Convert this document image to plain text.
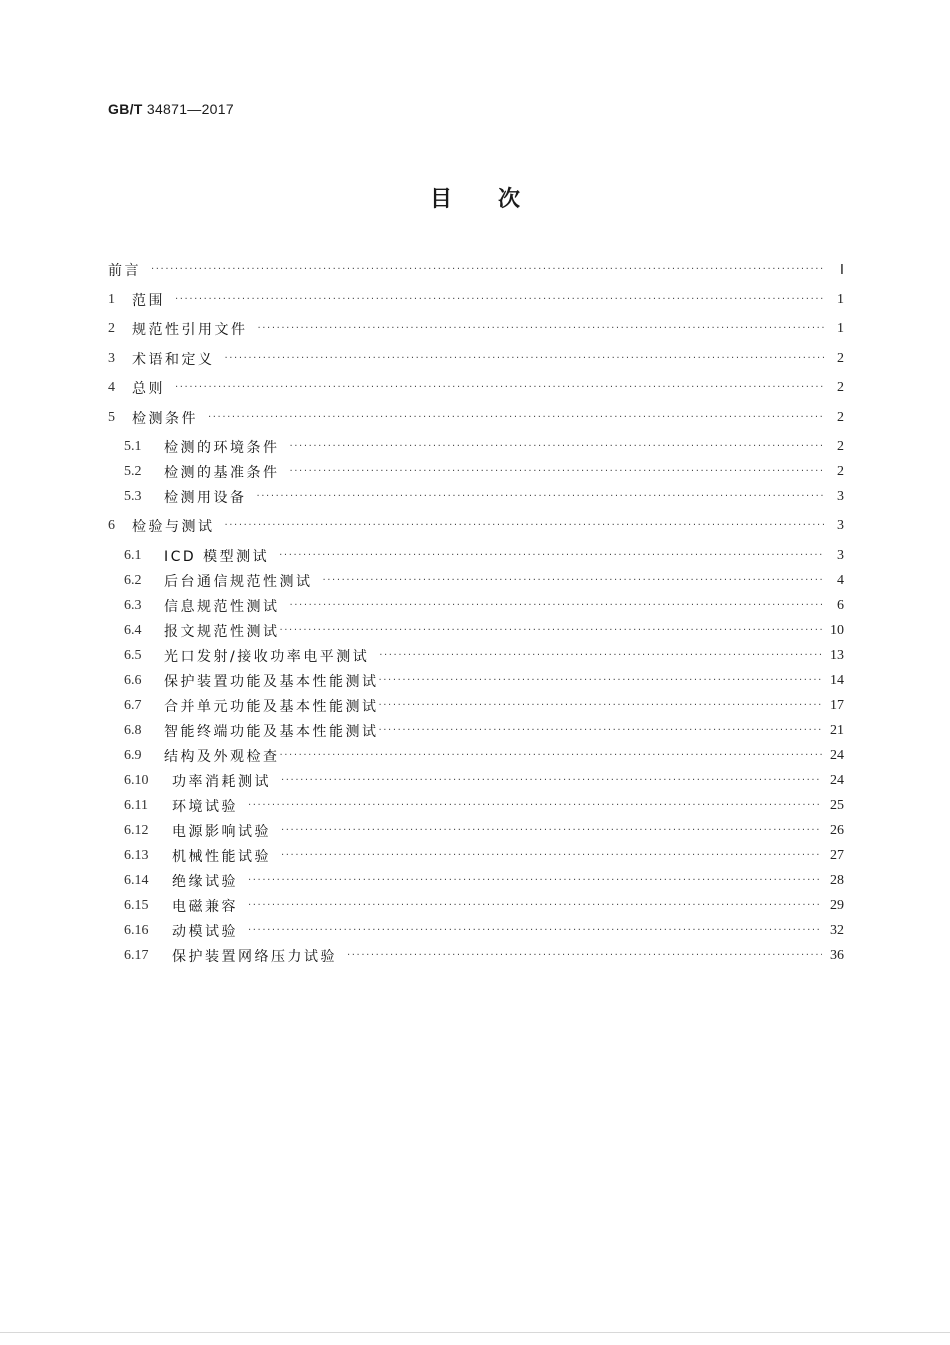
GB/T 34871—2017
目次
前言 ·····	Ⅰ
1	范围 ·····	1
2	规范性引用文件 ·····	1
3	术语和定义 ·····	2
4	总则 ·····	2
5	检测条件 ·····	2
5.1	检测的环境条件 ·····	2
5.2	检测的基准条件 ·····	2
5.3	检测用设备 ·····	3
6	检验与测试 ·····	3
6.1	ICD 模型测试 ·····	3
6.2	后台通信规范性测试 ·····	4
6.3	信息规范性测试 ·····	6
6.4	报文规范性测试 ·····	10
6.5	光口发射/接收功率电平测试 ·····	13
6.6	保护装置功能及基本性能测试 ·····	14
6.7	合并单元功能及基本性能测试 ·····	17
6.8	智能终端功能及基本性能测试 ·····	21
6.9	结构及外观检查 ·····	24
6.10	功率消耗测试 ·····	24
6.11	环境试验 ·····	25
6.12	电源影响试验 ·····	26
6.13	机械性能试验 ·····	27
6.14	绝缘试验 ·····	28
6.15	电磁兼容 ·····	29
6.16	动模试验 ·····	32
6.17	保护装置网络压力试验 ·····	36
